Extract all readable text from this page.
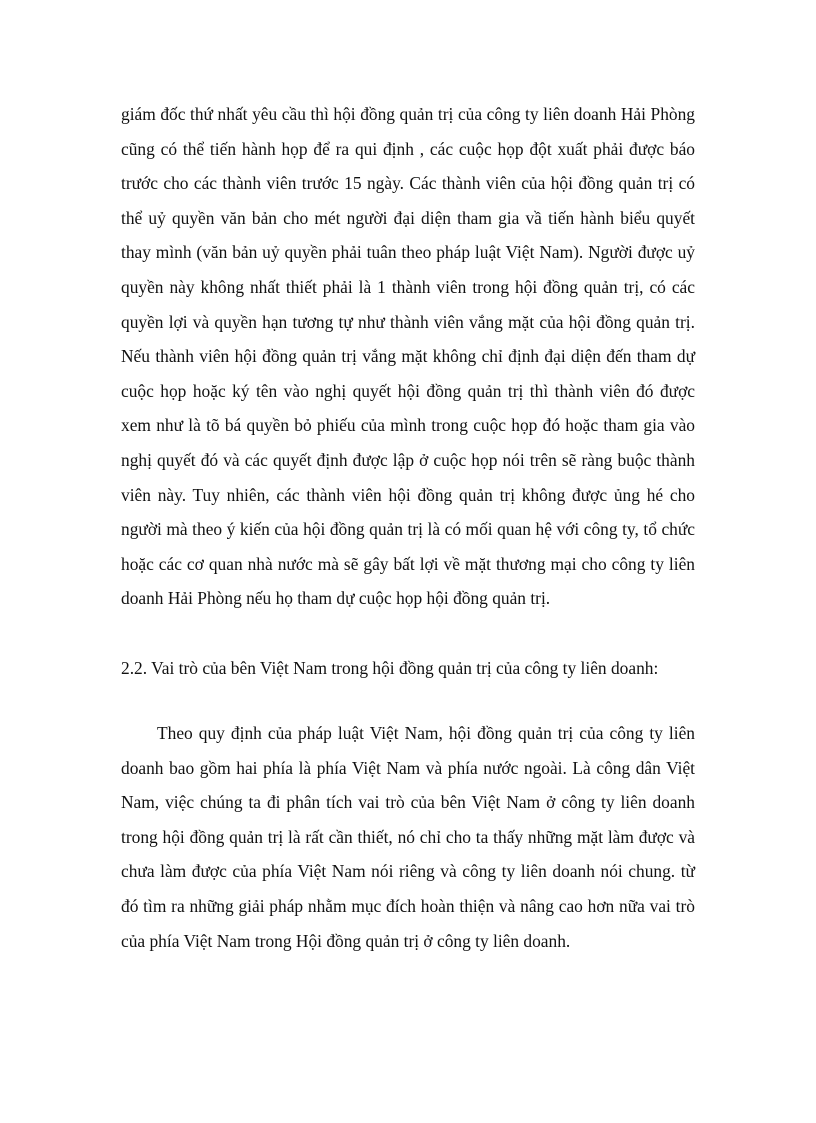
giám đốc thứ nhất yêu cầu thì hội đồng quản trị của công ty liên doanh Hải Phòng cũng có thể tiến hành họp để ra qui định , các cuộc họp đột xuất phải được báo trước cho các thành viên trước 15 ngày. Các thành viên của hội đồng quản trị có thể uỷ quyền văn bản cho mét người đại diện tham gia vầ tiến hành biểu quyết thay mình (văn bản uỷ quyền phải tuân theo pháp luật Việt Nam). Người được uỷ quyền này không nhất thiết phải là 1 thành viên trong hội đồng quản trị, có các quyền lợi và quyền hạn tương tự như thành viên vắng mặt của hội đồng quản trị. Nếu thành viên hội đồng quản trị vắng mặt không chỉ định đại diện đến tham dự cuộc họp hoặc ký tên vào nghị quyết hội đồng quản trị thì thành viên đó được xem như là tõ bá quyền bỏ phiếu của mình trong cuộc họp đó hoặc tham gia vào nghị quyết đó và các quyết định được lập ở cuộc họp nói trên sẽ ràng buộc thành viên này. Tuy nhiên, các thành viên hội đồng quản trị không được ủng hé cho người mà theo ý kiến của hội đồng quản trị là có mối quan hệ với công ty, tổ chức hoặc các cơ quan nhà nước mà sẽ gây bất lợi về mặt thương mại cho công ty liên doanh Hải Phòng nếu họ tham dự cuộc họp hội đồng quản trị.

2.2. Vai trò của bên Việt Nam trong hội đồng quản trị của công ty liên doanh:

Theo quy định của pháp luật Việt Nam, hội đồng quản trị của công ty liên doanh bao gồm hai phía là phía Việt Nam và phía nước ngoài. Là công dân Việt Nam, việc chúng ta đi phân tích vai trò của bên Việt Nam ở công ty liên doanh trong hội đồng quản trị là rất cần thiết, nó chỉ cho ta thấy những mặt làm được và chưa làm được của phía Việt Nam nói riêng và công ty liên doanh nói chung. từ đó tìm ra những giải pháp nhằm mục đích hoàn thiện và nâng cao hơn nữa vai trò của phía Việt Nam trong Hội đồng quản trị ở công ty liên doanh.
